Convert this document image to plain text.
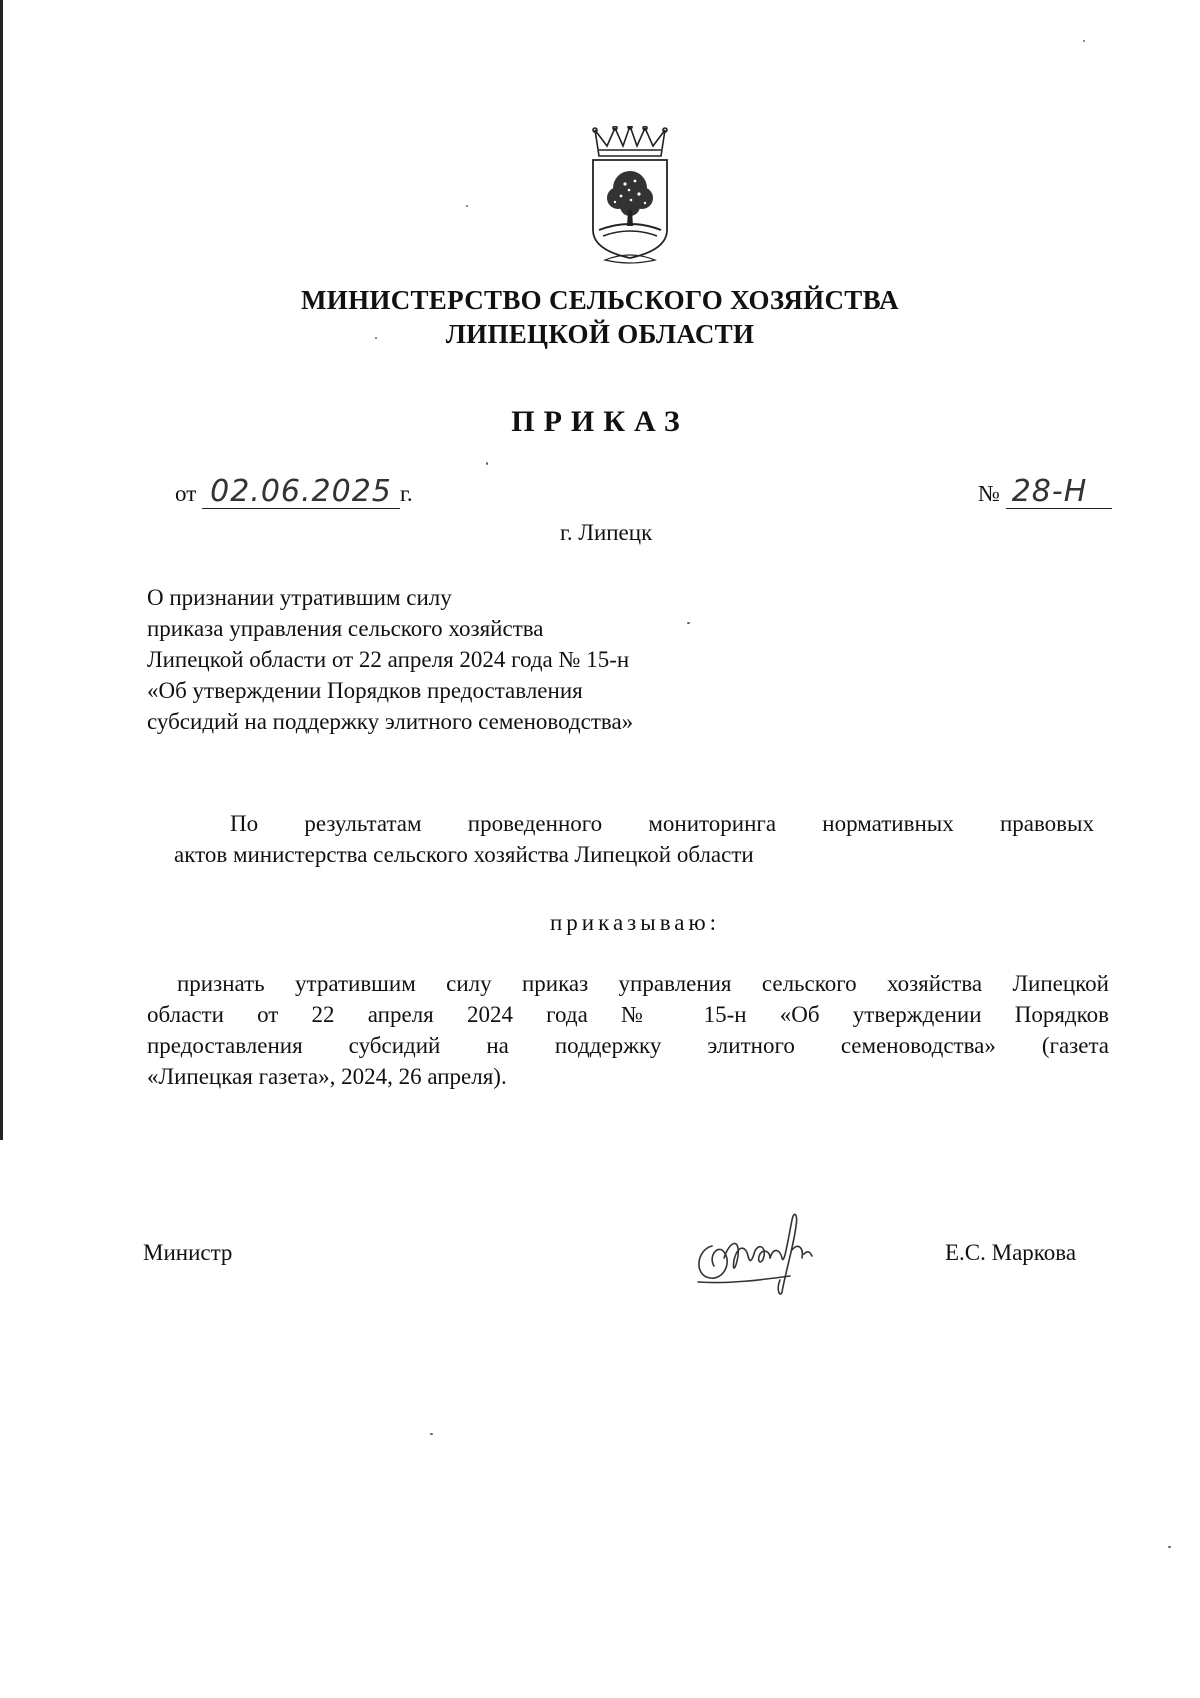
МИНИСТЕРСТВО СЕЛЬСКОГО ХОЗЯЙСТВА
ЛИПЕЦКОЙ ОБЛАСТИ
ПРИКАЗ
от 02.06.2025 г.	№ 28-Н
г. Липецк
О признании утратившим силу
приказа управления сельского хозяйства
Липецкой области от 22 апреля 2024 года № 15-н
«Об утверждении Порядков предоставления
субсидий на поддержку элитного семеноводства»
По результатам проведенного мониторинга нормативных правовых
актов министерства сельского хозяйства Липецкой области
приказываю:
признать утратившим силу приказ управления сельского хозяйства Липецкой
области от 22 апреля 2024 года № 15-н «Об утверждении Порядков
предоставления субсидий на поддержку элитного семеноводства» (газета
«Липецкая газета», 2024, 26 апреля).
Министр	Е.С. Маркова
